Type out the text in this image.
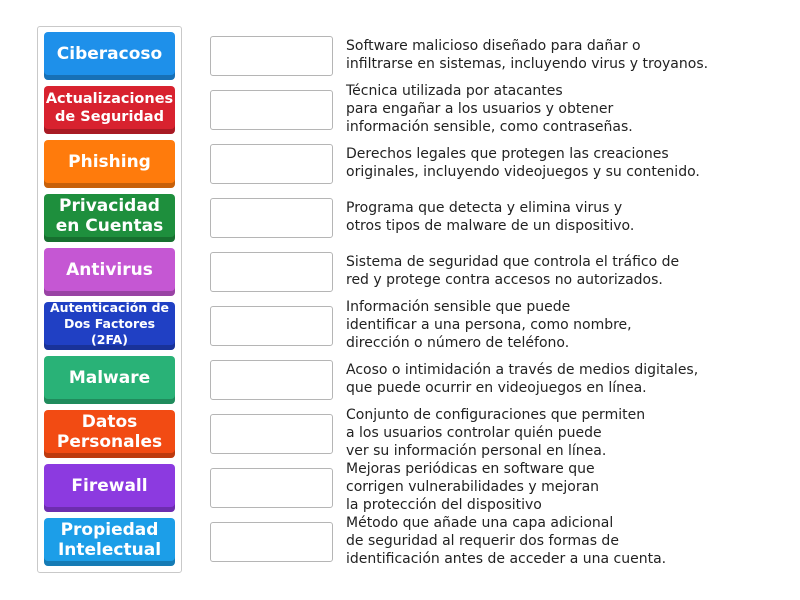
Ciberacoso
Actualizaciones de Seguridad
Phishing
Privacidad en Cuentas
Antivirus
Autenticación de Dos Factores (2FA)
Malware
Datos Personales
Firewall
Propiedad Intelectual
Software malicioso diseñado para dañar o
infiltrarse en sistemas, incluyendo virus y troyanos.
Técnica utilizada por atacantes
para engañar a los usuarios y obtener
información sensible, como contraseñas.
Derechos legales que protegen las creaciones
originales, incluyendo videojuegos y su contenido.
Programa que detecta y elimina virus y
otros tipos de malware de un dispositivo.
Sistema de seguridad que controla el tráfico de
red y protege contra accesos no autorizados.
Información sensible que puede
identificar a una persona, como nombre,
dirección o número de teléfono.
Acoso o intimidación a través de medios digitales,
que puede ocurrir en videojuegos en línea.
Conjunto de configuraciones que permiten
a los usuarios controlar quién puede
ver su información personal en línea.
Mejoras periódicas en software que
corrigen vulnerabilidades y mejoran
la protección del dispositivo
Método que añade una capa adicional
de seguridad al requerir dos formas de
identificación antes de acceder a una cuenta.
